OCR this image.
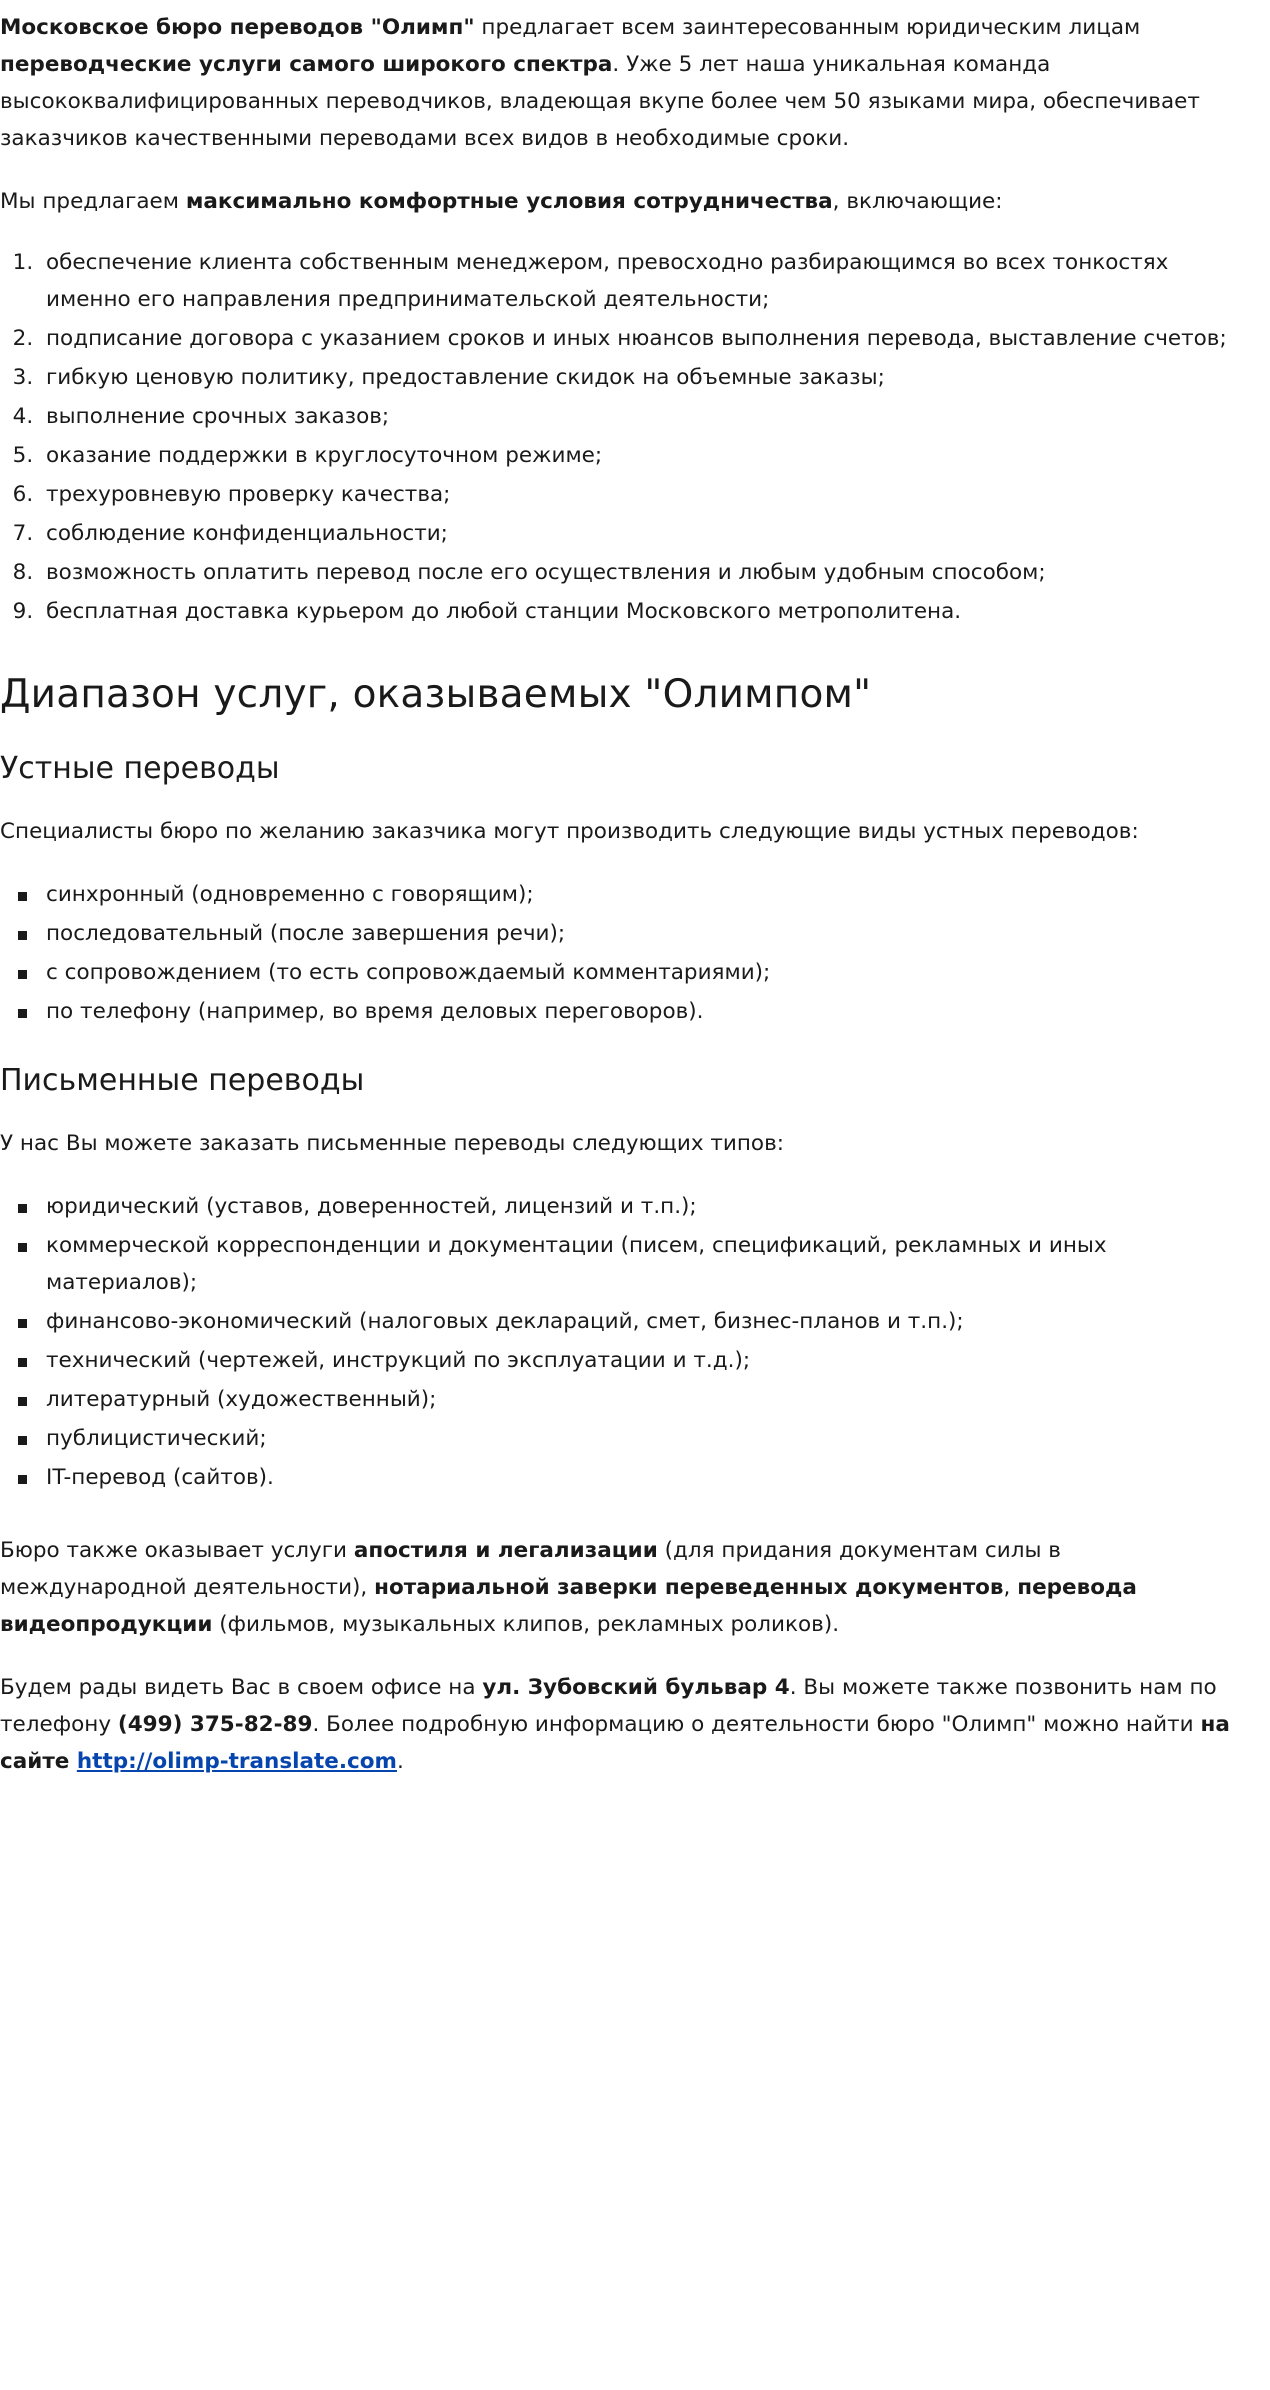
Московское бюро переводов "Олимп" предлагает всем заинтересованным юридическим лицам переводческие услуги самого широкого спектра. Уже 5 лет наша уникальная команда высококвалифицированных переводчиков, владеющая вкупе более чем 50 языками мира, обеспечивает заказчиков качественными переводами всех видов в необходимые сроки.

Мы предлагаем максимально комфортные условия сотрудничества, включающие:

1. обеспечение клиента собственным менеджером, превосходно разбирающимся во всех тонкостях именно его направления предпринимательской деятельности;
2. подписание договора с указанием сроков и иных нюансов выполнения перевода, выставление счетов;
3. гибкую ценовую политику, предоставление скидок на объемные заказы;
4. выполнение срочных заказов;
5. оказание поддержки в круглосуточном режиме;
6. трехуровневую проверку качества;
7. соблюдение конфиденциальности;
8. возможность оплатить перевод после его осуществления и любым удобным способом;
9. бесплатная доставка курьером до любой станции Московского метрополитена.
Диапазон услуг, оказываемых "Олимпом"
Устные переводы

Специалисты бюро по желанию заказчика могут производить следующие виды устных переводов:

синхронный (одновременно с говорящим);
последовательный (после завершения речи);
с сопровождением (то есть сопровождаемый комментариями);
по телефону (например, во время деловых переговоров).
Письменные переводы

У нас Вы можете заказать письменные переводы следующих типов:

юридический (уставов, доверенностей, лицензий и т.п.);
коммерческой корреспонденции и документации (писем, спецификаций, рекламных и иных материалов);
финансово-экономический (налоговых деклараций, смет, бизнес-планов и т.п.);
технический (чертежей, инструкций по эксплуатации и т.д.);
литературный (художественный);
публицистический;
IT-перевод (сайтов).

Бюро также оказывает услуги апостиля и легализации (для придания документам силы в международной деятельности), нотариальной заверки переведенных документов, перевода видеопродукции (фильмов, музыкальных клипов, рекламных роликов).

Будем рады видеть Вас в своем офисе на ул. Зубовский бульвар 4. Вы можете также позвонить нам по телефону (499) 375-82-89. Более подробную информацию о деятельности бюро "Олимп" можно найти на сайте http://olimp-translate.com.
